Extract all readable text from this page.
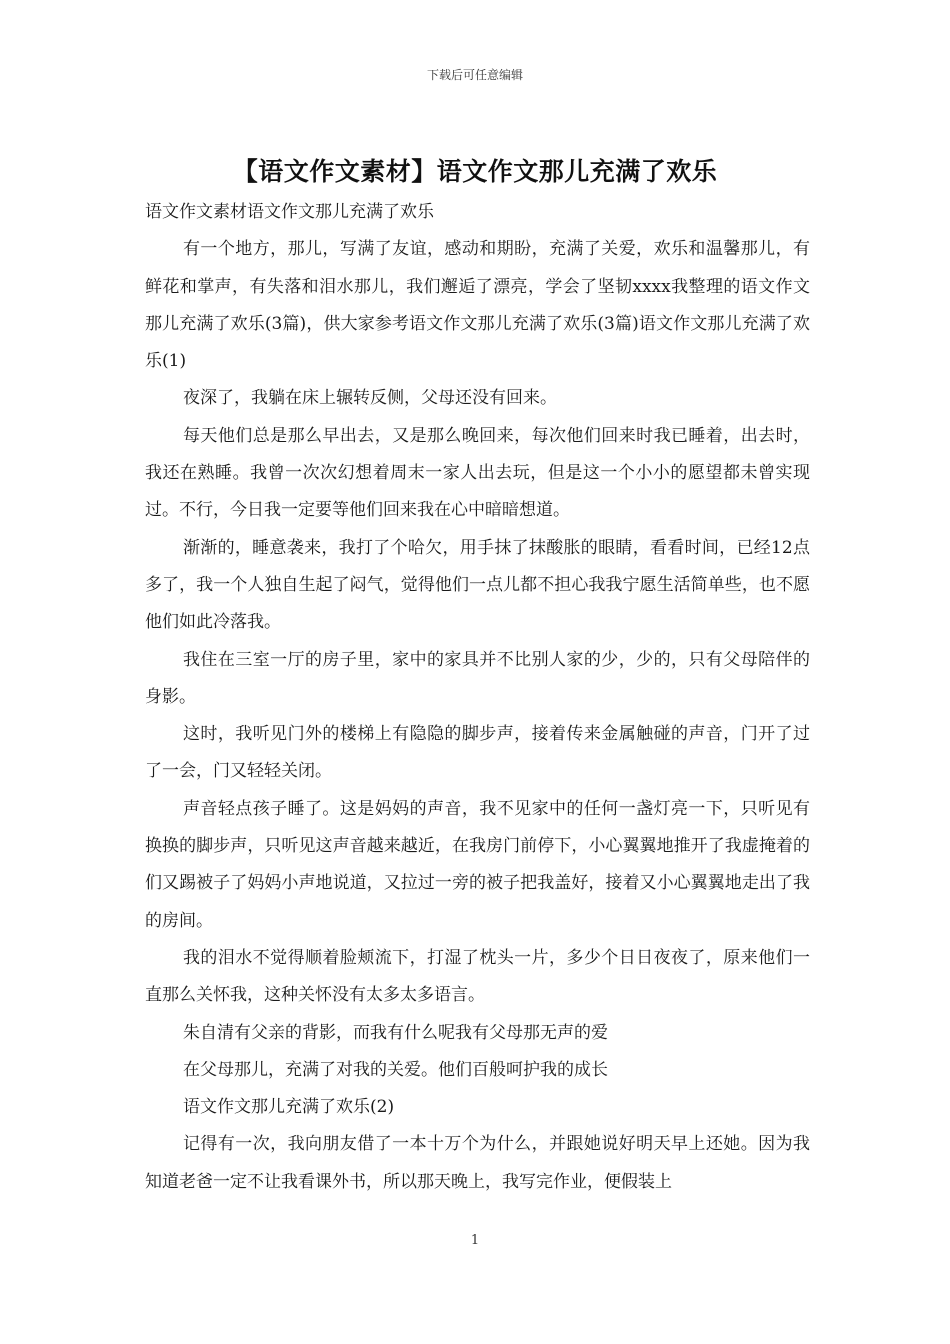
下载后可任意编辑
【语文作文素材】语文作文那儿充满了欢乐

语文作文素材语文作文那儿充满了欢乐

有一个地方，那儿，写满了友谊，感动和期盼，充满了关爱，欢乐和温馨那儿，有鲜花和掌声，有失落和泪水那儿，我们邂逅了漂亮，学会了坚韧xxxx我整理的语文作文那儿充满了欢乐(3篇)，供大家参考语文作文那儿充满了欢乐(3篇)语文作文那儿充满了欢乐(1)

夜深了，我躺在床上辗转反侧，父母还没有回来。

每天他们总是那么早出去，又是那么晚回来，每次他们回来时我已睡着，出去时，我还在熟睡。我曾一次次幻想着周末一家人出去玩，但是这一个小小的愿望都未曾实现过。不行，今日我一定要等他们回来我在心中暗暗想道。

渐渐的，睡意袭来，我打了个哈欠，用手抹了抹酸胀的眼睛，看看时间，已经12点多了，我一个人独自生起了闷气，觉得他们一点儿都不担心我我宁愿生活简单些，也不愿他们如此冷落我。

我住在三室一厅的房子里，家中的家具并不比别人家的少，少的，只有父母陪伴的身影。

这时，我听见门外的楼梯上有隐隐的脚步声，接着传来金属触碰的声音，门开了过了一会，门又轻轻关闭。

声音轻点孩子睡了。这是妈妈的声音，我不见家中的任何一盏灯亮一下，只听见有换换的脚步声，只听见这声音越来越近，在我房门前停下，小心翼翼地推开了我虚掩着的们又踢被子了妈妈小声地说道，又拉过一旁的被子把我盖好，接着又小心翼翼地走出了我的房间。

我的泪水不觉得顺着脸颊流下，打湿了枕头一片，多少个日日夜夜了，原来他们一直那么关怀我，这种关怀没有太多太多语言。

朱自清有父亲的背影，而我有什么呢我有父母那无声的爱

在父母那儿，充满了对我的关爱。他们百般呵护我的成长

语文作文那儿充满了欢乐(2)

记得有一次，我向朋友借了一本十万个为什么，并跟她说好明天早上还她。因为我知道老爸一定不让我看课外书，所以那天晚上，我写完作业，便假装上

1
